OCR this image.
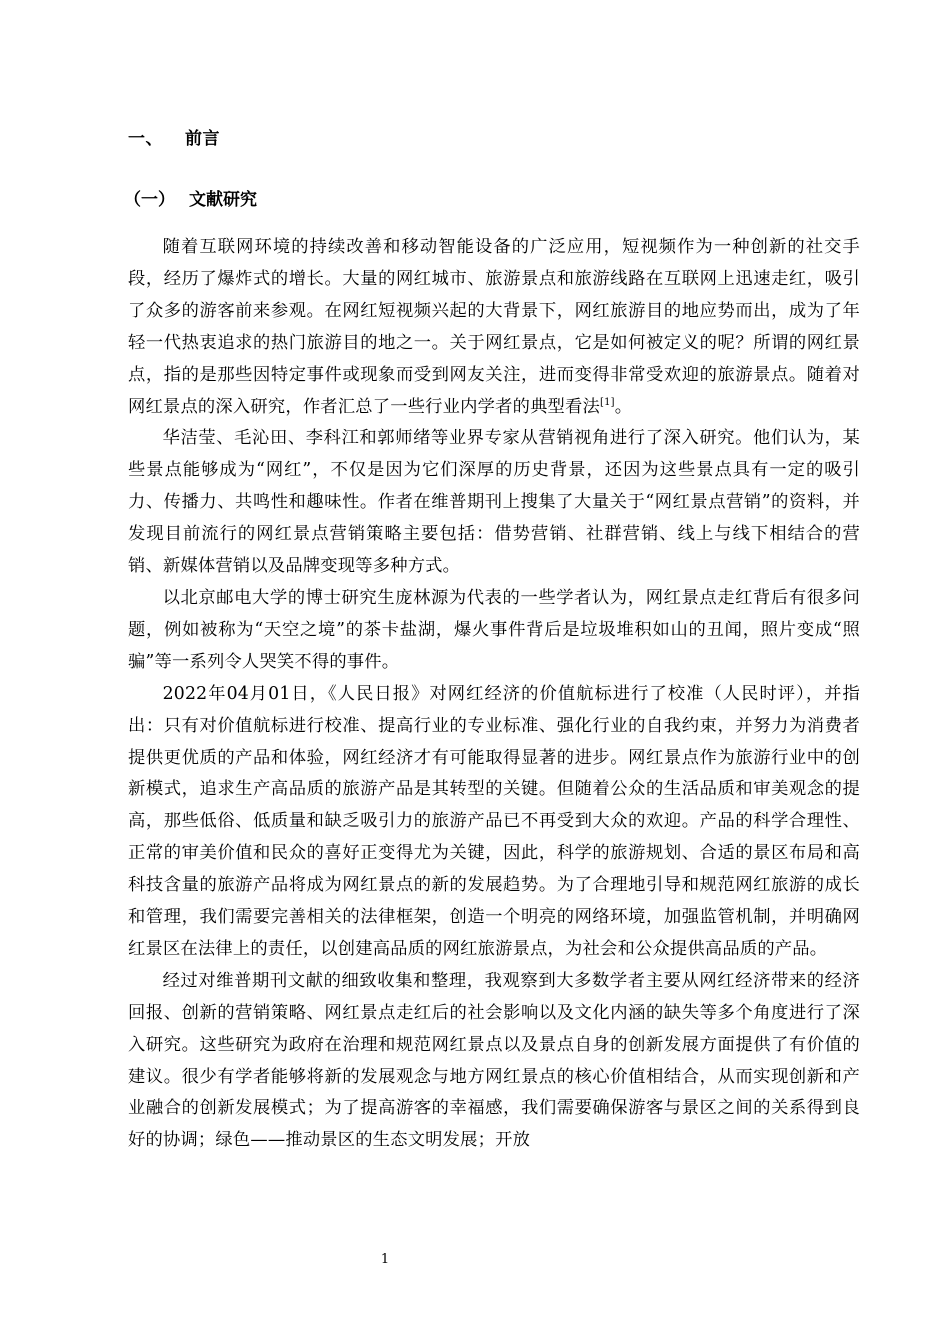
一、 前言
（一） 文献研究

随着互联网环境的持续改善和移动智能设备的广泛应用，短视频作为一种创新的社交手段，经历了爆炸式的增长。大量的网红城市、旅游景点和旅游线路在互联网上迅速走红，吸引了众多的游客前来参观。在网红短视频兴起的大背景下，网红旅游目的地应势而出，成为了年轻一代热衷追求的热门旅游目的地之一。关于网红景点，它是如何被定义的呢？所谓的网红景点，指的是那些因特定事件或现象而受到网友关注，进而变得非常受欢迎的旅游景点。随着对网红景点的深入研究，作者汇总了一些行业内学者的典型看法[1]。

华洁莹、毛沁田、李科江和郭师绪等业界专家从营销视角进行了深入研究。他们认为，某些景点能够成为“网红”，不仅是因为它们深厚的历史背景，还因为这些景点具有一定的吸引力、传播力、共鸣性和趣味性。作者在维普期刊上搜集了大量关于“网红景点营销”的资料，并发现目前流行的网红景点营销策略主要包括：借势营销、社群营销、线上与线下相结合的营销、新媒体营销以及品牌变现等多种方式。

以北京邮电大学的博士研究生庞林源为代表的一些学者认为，网红景点走红背后有很多问题，例如被称为“天空之境”的茶卡盐湖，爆火事件背后是垃圾堆积如山的丑闻，照片变成“照骗”等一系列令人哭笑不得的事件。

2022年04月01日，《人民日报》对网红经济的价值航标进行了校准（人民时评），并指出：只有对价值航标进行校准、提高行业的专业标准、强化行业的自我约束，并努力为消费者提供更优质的产品和体验，网红经济才有可能取得显著的进步。网红景点作为旅游行业中的创新模式，追求生产高品质的旅游产品是其转型的关键。但随着公众的生活品质和审美观念的提高，那些低俗、低质量和缺乏吸引力的旅游产品已不再受到大众的欢迎。产品的科学合理性、正常的审美价值和民众的喜好正变得尤为关键，因此，科学的旅游规划、合适的景区布局和高科技含量的旅游产品将成为网红景点的新的发展趋势。为了合理地引导和规范网红旅游的成长和管理，我们需要完善相关的法律框架，创造一个明亮的网络环境，加强监管机制，并明确网红景区在法律上的责任，以创建高品质的网红旅游景点，为社会和公众提供高品质的产品。

经过对维普期刊文献的细致收集和整理，我观察到大多数学者主要从网红经济带来的经济回报、创新的营销策略、网红景点走红后的社会影响以及文化内涵的缺失等多个角度进行了深入研究。这些研究为政府在治理和规范网红景点以及景点自身的创新发展方面提供了有价值的建议。很少有学者能够将新的发展观念与地方网红景点的核心价值相结合，从而实现创新和产业融合的创新发展模式；为了提高游客的幸福感，我们需要确保游客与景区之间的关系得到良好的协调；绿色——推动景区的生态文明发展；开放

1
